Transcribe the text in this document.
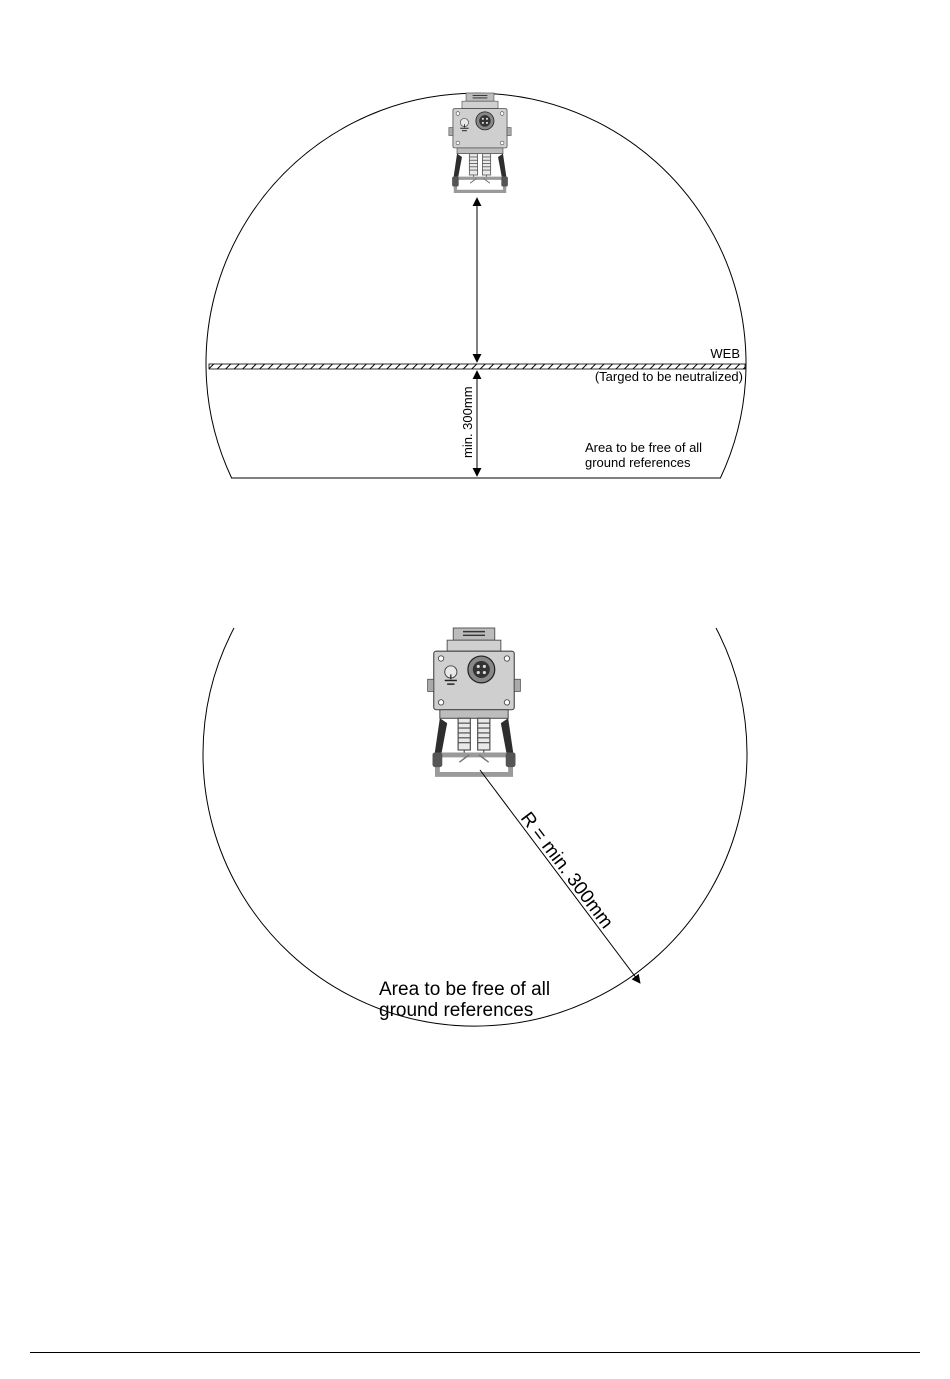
WEB
(Targed to be neutralized)
min. 300mm	Area to be free of all
ground references
R = min. 300mm
Area to be free of all
ground references
